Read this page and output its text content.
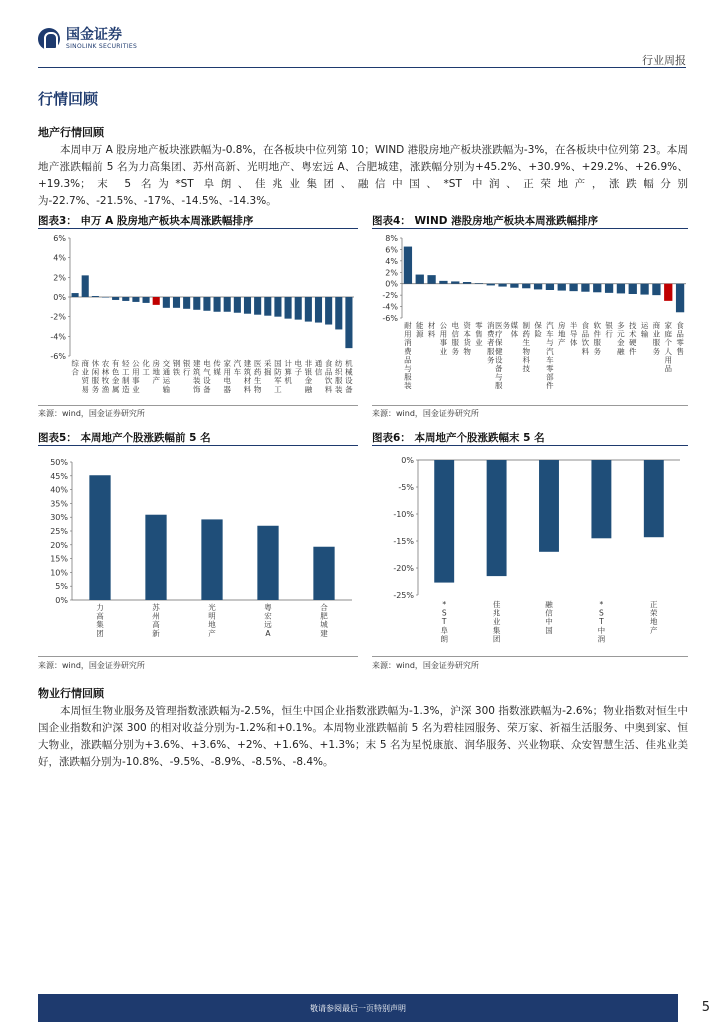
国金证券
SINOLINK SECURITIES
行业周报
行情回顾
地产行情回顾
本周申万 A 股房地产板块涨跌幅为-0.8%，在各板块中位列第 10；WIND 港股房地产板块涨跌幅为-3%，在各板块中位列第 23。本周地产涨跌幅前 5 名为力高集团、苏州高新、光明地产、粤宏远 A、合肥城建，涨跌幅分别为+45.2%、+30.9%、+29.2%、+26.9%、+19.3%；末 5 名为*ST 阜朗、佳兆业集团、融信中国、*ST 中润、正荣地产，涨跌幅分别为-22.7%、-21.5%、-17%、-14.5%、-14.3%。
图表3： 申万 A 股房地产板块本周涨跌幅排序	图表4： WIND 港股房地产板块本周涨跌幅排序
6%
4%
2%
0%
-2%
-4%
-6%
综合
商业贸易
休闲服务
农林牧渔
有色金属
轻工制造
公用事业
化工
房地产
交通运输
钢铁
银行
建筑装饰
电气设备
传媒
家用电器
汽车
建筑材料
医药生物
采掘
国防军工
计算机
电子
非银金融
通信
食品饮料
纺织服装
机械设备
8%
6%
4%
2%
0%
-2%
-4%
-6%
耐用消费品与服装
能源
材料
公用事业
电信服务
资本货物
零售业
消费者服务
医疗保健设备与服务 媒体
制药生物科技
保险
汽车与汽车零部件
房地产
半导体
食品饮料
软件服务
银行
多元金融
技术硬件
运输
商业服务
家庭个人用品
食品零售
来源：wind，国金证券研究所	来源：wind，国金证券研究所
图表5： 本周地产个股涨跌幅前 5 名	图表6： 本周地产个股涨跌幅末 5 名
50%
45%
40%
35%
30%
25%
20%
15%
10%
5%
0%
力高集团
苏州高新
光明地产
粤宏远 A
合肥城建
0%
-5%
-10%
-15%
-20%
-25%
* S T 阜朗
佳兆业集团
融信中国
* S T 中润
正荣地产
来源：wind，国金证券研究所	来源：wind，国金证券研究所
物业行情回顾
本周恒生物业服务及管理指数涨跌幅为-2.5%，恒生中国企业指数涨跌幅为-1.3%，沪深 300 指数涨跌幅为-2.6%；物业指数对恒生中国企业指数和沪深 300 的相对收益分别为-1.2%和+0.1%。本周物业涨跌幅前 5 名为碧桂园服务、荣万家、祈福生活服务、中奥到家、恒大物业，涨跌幅分别为+3.6%、+3.6%、+2%、+1.6%、+1.3%；末 5 名为星悦康旅、润华服务、兴业物联、众安智慧生活、佳兆业美好，涨跌幅分别为-10.8%、-9.5%、-8.9%、-8.5%、-8.4%。
敬请参阅最后一页特别声明	5
